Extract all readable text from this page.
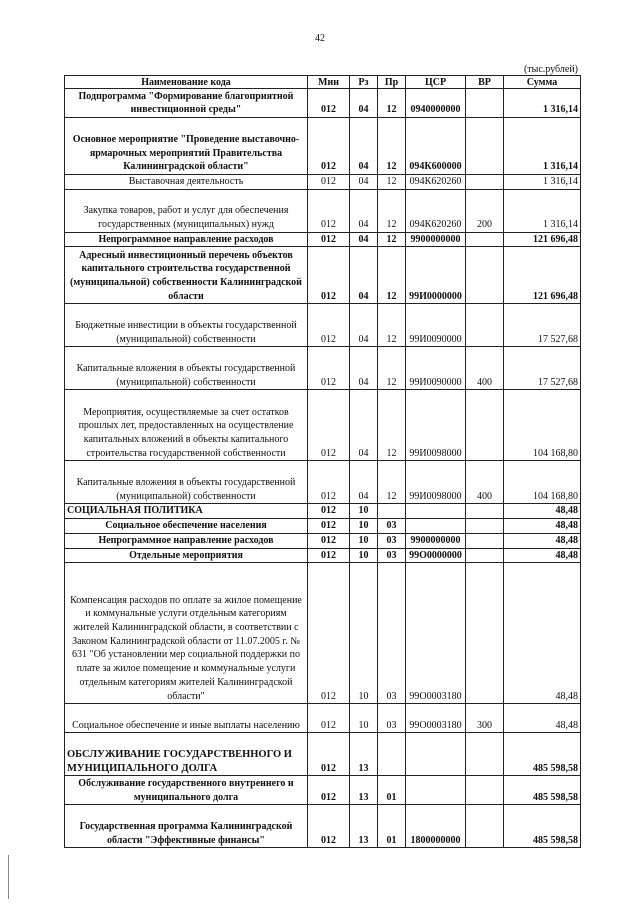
42
(тыс.рублей)
Наименование кода	Мин	Рз	Пр	ЦСР	ВР	Сумма
Подпрограмма "Формирование благоприятной инвестиционной среды"	012	04	12	0940000000		1 316,14
Основное мероприятие "Проведение выставочно-ярмарочных мероприятий Правительства Калининградской области"	012	04	12	094К600000		1 316,14
Выставочная деятельность	012	04	12	094К620260		1 316,14
Закупка товаров, работ и услуг для обеспечения государственных (муниципальных) нужд	012	04	12	094К620260	200	1 316,14
Непрограммное направление расходов	012	04	12	9900000000		121 696,48
Адресный инвестиционный перечень объектов капитального строительства государственной (муниципальной) собственности Калининградской области	012	04	12	99И0000000		121 696,48
Бюджетные инвестиции в объекты государственной (муниципальной) собственности	012	04	12	99И0090000		17 527,68
Капитальные вложения в объекты государственной (муниципальной) собственности	012	04	12	99И0090000	400	17 527,68
Мероприятия, осуществляемые за счет остатков прошлых лет, предоставленных на осуществление капитальных вложений в объекты капитального строительства государственной собственности	012	04	12	99И0098000		104 168,80
Капитальные вложения в объекты государственной (муниципальной) собственности	012	04	12	99И0098000	400	104 168,80
СОЦИАЛЬНАЯ ПОЛИТИКА	012	10				48,48
Социальное обеспечение населения	012	10	03			48,48
Непрограммное направление расходов	012	10	03	9900000000		48,48
Отдельные мероприятия	012	10	03	99О0000000		48,48
Компенсация расходов по оплате за жилое помещение и коммунальные услуги отдельным категориям жителей Калининградской области, в соответствии с Законом Калининградской области от 11.07.2005 г. № 631 "Об установлении мер социальной поддержки по плате за жилое помещение и коммунальные услуги отдельным категориям жителей Калининградской области"	012	10	03	99О0003180		48,48
Социальное обеспечение и иные выплаты населению	012	10	03	99О0003180	300	48,48
ОБСЛУЖИВАНИЕ ГОСУДАРСТВЕННОГО И МУНИЦИПАЛЬНОГО ДОЛГА	012	13				485 598,58
Обслуживание государственного внутреннего и муниципального долга	012	13	01			485 598,58
Государственная программа Калининградской области "Эффективные финансы"	012	13	01	1800000000		485 598,58
